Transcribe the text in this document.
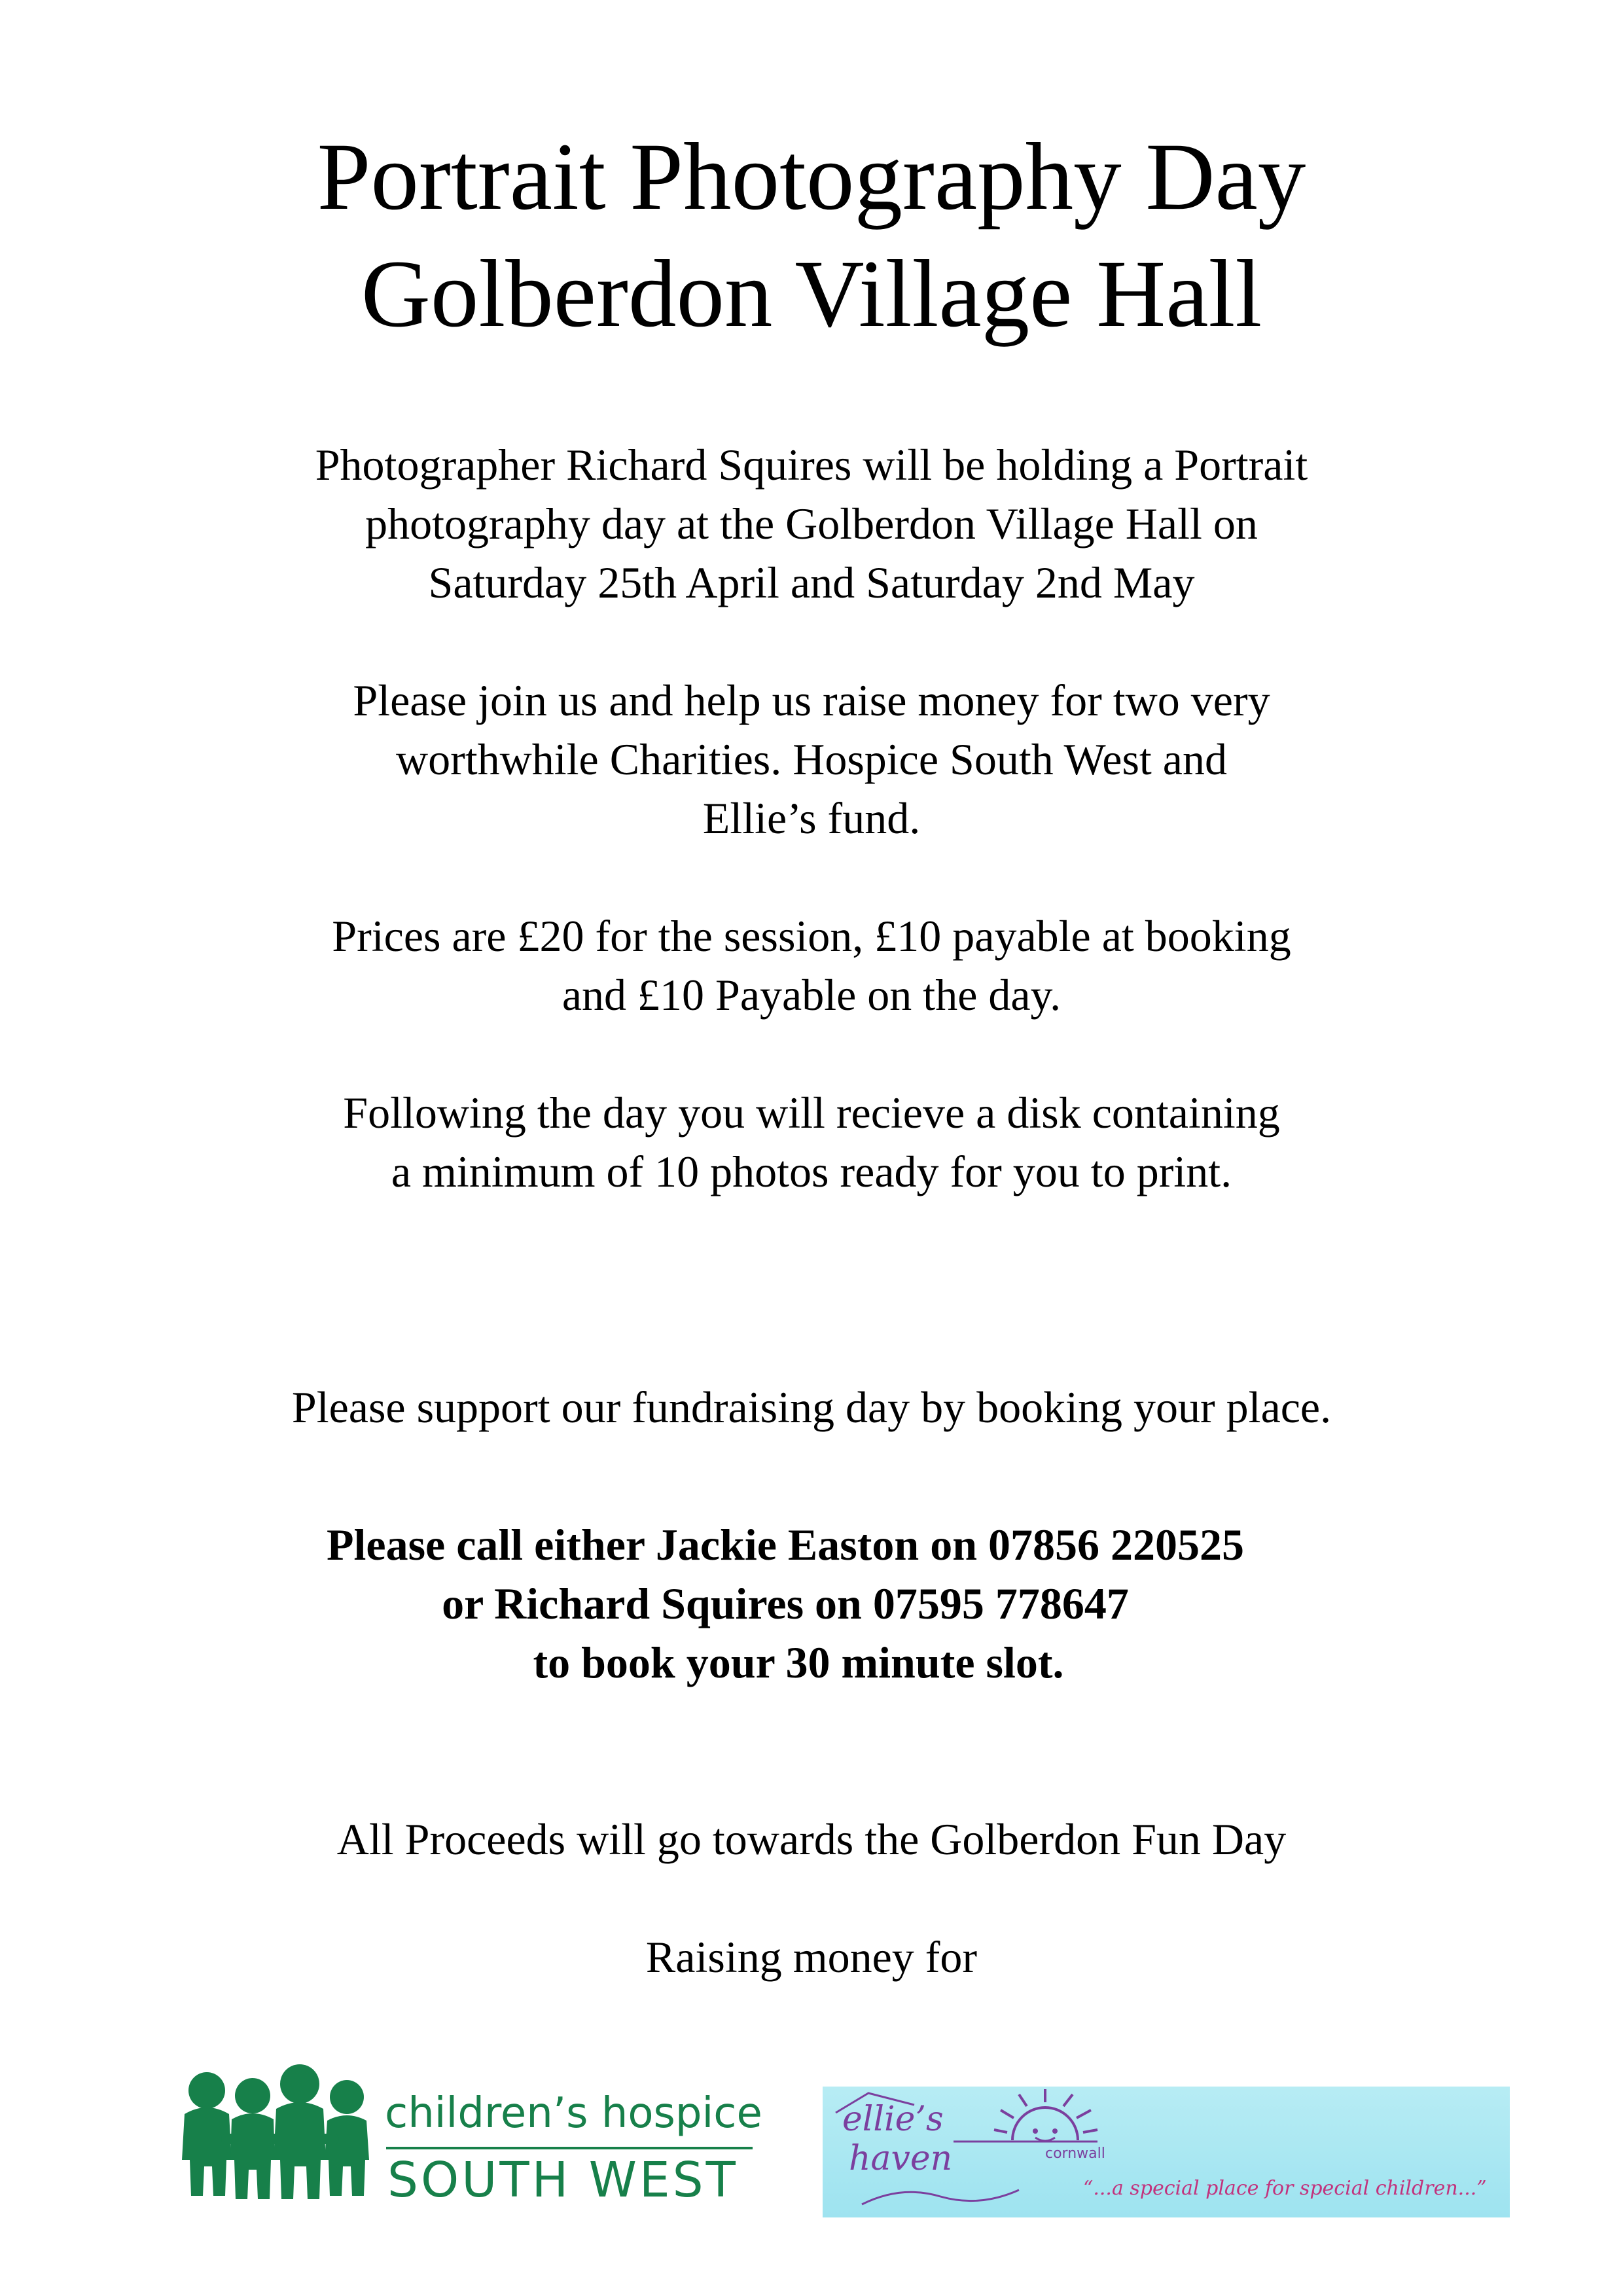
Portrait Photography Day
Golberdon Village Hall
Photographer Richard Squires will be holding a Portrait
photography day at the Golberdon Village Hall on
Saturday 25th April and Saturday 2nd May
Please join us and help us raise money for two very
worthwhile Charities. Hospice South West and
Ellie’s fund.
Prices are £20 for the session, £10 payable at booking
and £10 Payable on the day.
Following the day you will recieve a disk containing
a minimum of 10 photos ready for you to print.
Please support our fundraising day by booking your place.
Please call either Jackie Easton on 07856 220525
or Richard Squires on 07595 778647
to book your 30 minute slot.
All Proceeds will go towards the Golberdon Fun Day
Raising money for
children’s hospice
SOUTH WEST
ellie’s
haven	cornwall
“...a special place for special children...”
